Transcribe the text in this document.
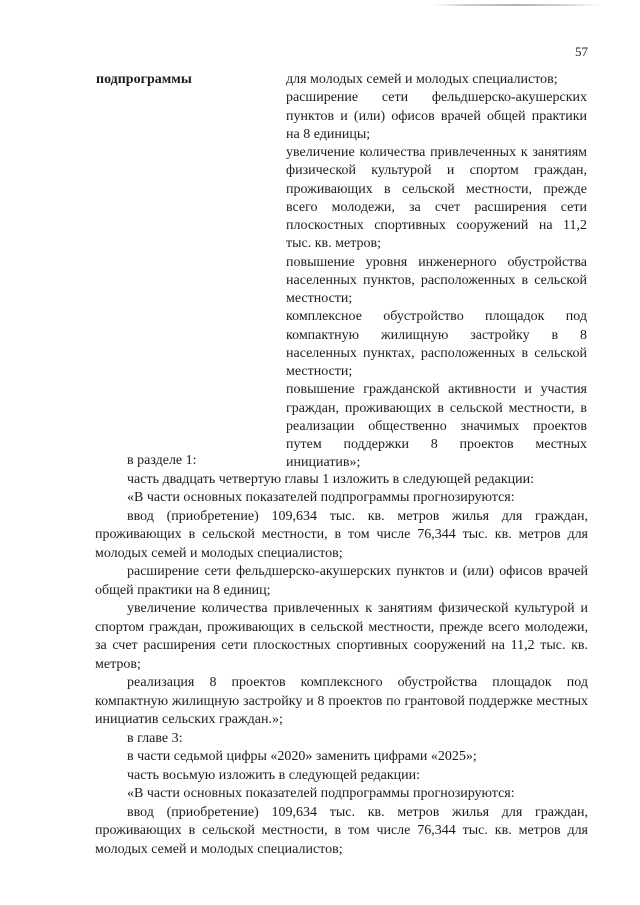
57
подпрограммы	для молодых семей и молодых специалистов;
расширение сети фельдшерско-акушерских пунктов и (или) офисов врачей общей практики на 8 единицы;
увеличение количества привлеченных к занятиям физической культурой и спортом граждан, проживающих в сельской местности, прежде всего молодежи, за счет расширения сети плоскостных спортивных сооружений на 11,2 тыс. кв. метров;
повышение уровня инженерного обустройства населенных пунктов, расположенных в сельской местности;
комплексное обустройство площадок под компактную жилищную застройку в 8 населенных пунктах, расположенных в сельской местности;
повышение гражданской активности и участия граждан, проживающих в сельской местности, в реализации общественно значимых проектов путем поддержки 8 проектов местных инициатив»;
в разделе 1:
часть двадцать четвертую главы 1 изложить в следующей редакции:
«В части основных показателей подпрограммы прогнозируются:
ввод (приобретение) 109,634 тыс. кв. метров жилья для граждан, проживающих в сельской местности, в том числе 76,344 тыс. кв. метров для молодых семей и молодых специалистов;
расширение сети фельдшерско-акушерских пунктов и (или) офисов врачей общей практики на 8 единиц;
увеличение количества привлеченных к занятиям физической культурой и спортом граждан, проживающих в сельской местности, прежде всего молодежи, за счет расширения сети плоскостных спортивных сооружений на 11,2 тыс. кв. метров;
реализация 8 проектов комплексного обустройства площадок под компактную жилищную застройку и 8 проектов по грантовой поддержке местных инициатив сельских граждан.»;
в главе 3:
в части седьмой цифры «2020» заменить цифрами «2025»;
часть восьмую изложить в следующей редакции:
«В части основных показателей подпрограммы прогнозируются:
ввод (приобретение) 109,634 тыс. кв. метров жилья для граждан, проживающих в сельской местности, в том числе 76,344 тыс. кв. метров для молодых семей и молодых специалистов;
